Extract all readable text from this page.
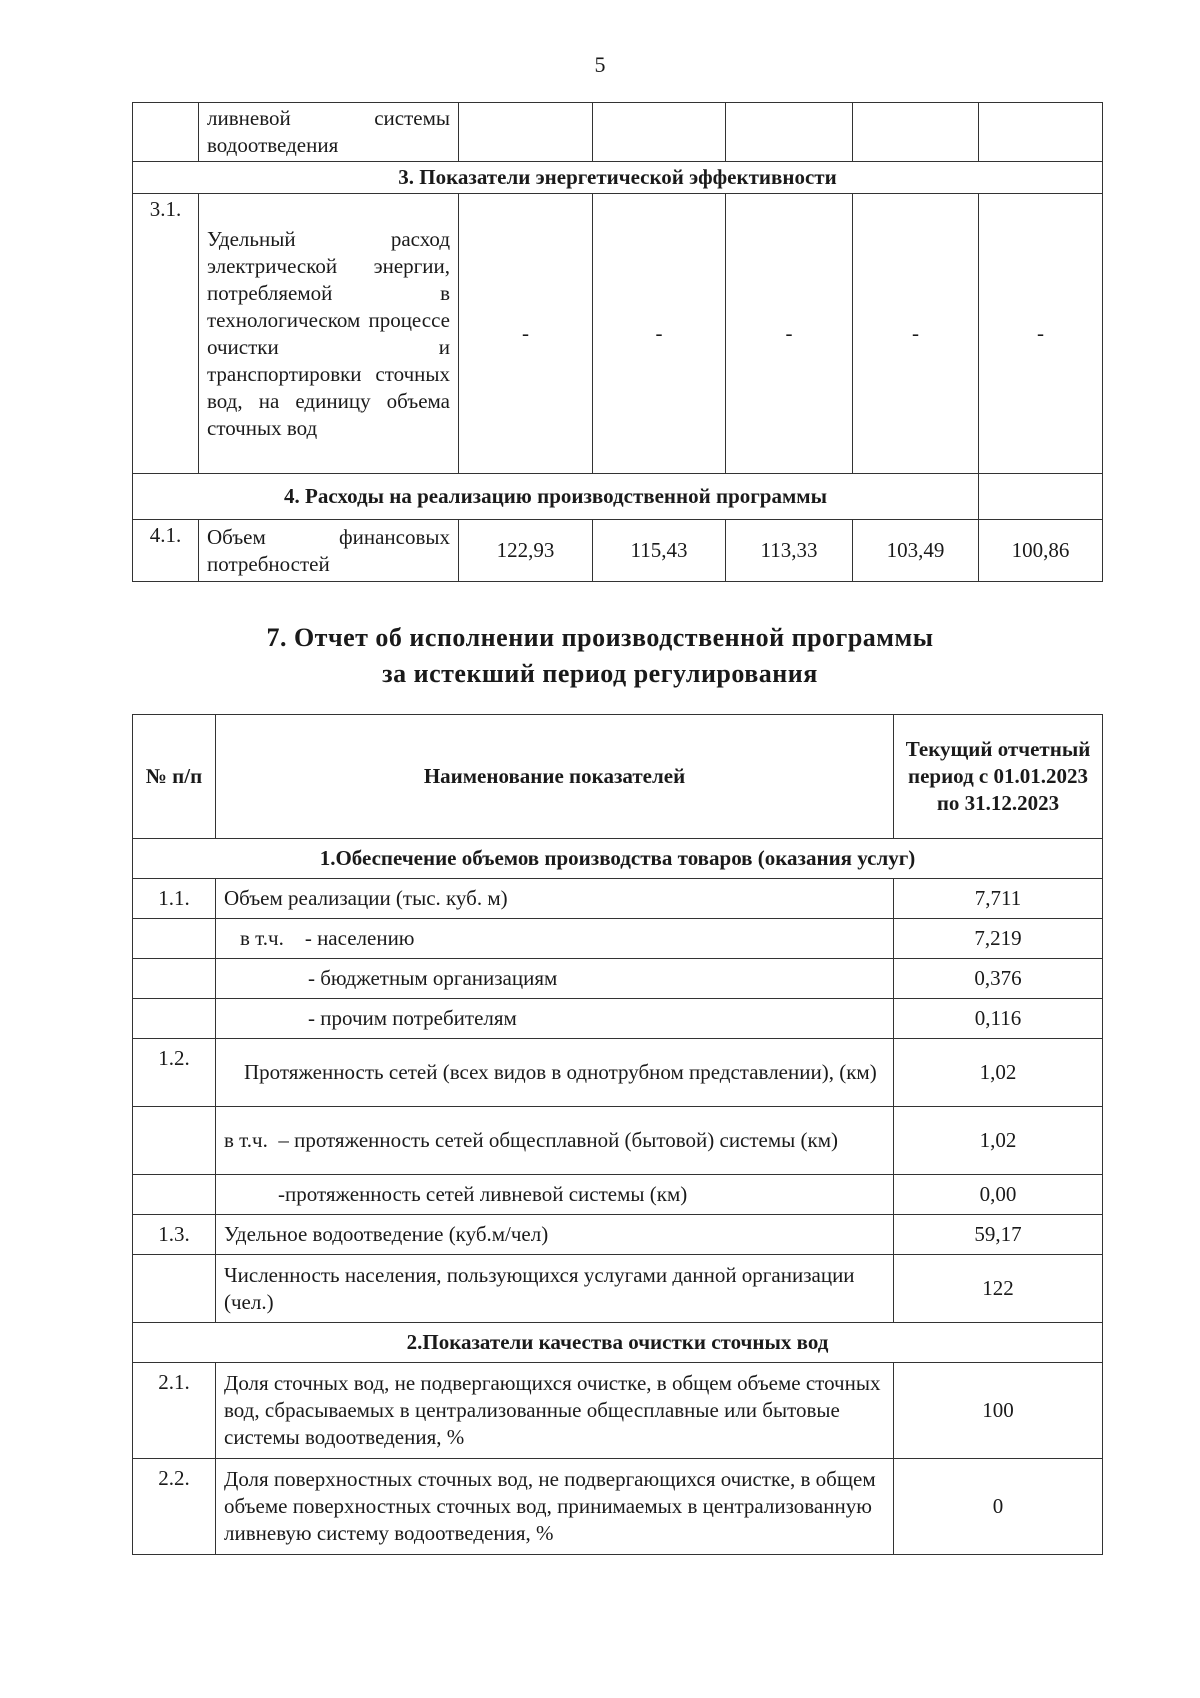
5
	ливневой системы водоотведения					
3. Показатели энергетической эффективности						
3.1.	Удельный расход электрической энергии, потребляемой в технологическом процессе очистки и транспортировки сточных вод, на единицу объема сточных вод	-	-	-	-	-
4. Расходы на реализацию производственной программы						
4.1.	Объем финансовых потребностей	122,93	115,43	113,33	103,49	100,86
7. Отчет об исполнении производственной программы
за истекший период регулирования
№ п/п	Наименование показателей	Текущий отчетный период с 01.01.2023 по 31.12.2023
1.Обеспечение объемов производства товаров (оказания услуг)		
1.1.	Объем реализации (тыс. куб. м)	7,711
	в т.ч.    - населению	7,219
	- бюджетным организациям	0,376
	- прочим потребителям	0,116
1.2.	Протяженность сетей (всех видов в однотрубном представлении), (км)	1,02
	в т.ч.  – протяженность сетей общесплавной (бытовой) системы (км)	1,02
	-протяженность сетей ливневой системы (км)	0,00
1.3.	Удельное водоотведение (куб.м/чел)	59,17
	Численность населения, пользующихся услугами данной организации (чел.)	122
2.Показатели качества очистки сточных вод		
2.1.	Доля сточных вод, не подвергающихся очистке, в общем объеме сточных вод, сбрасываемых в централизованные общесплавные или бытовые системы водоотведения, %	100
2.2.	Доля поверхностных сточных вод, не подвергающихся очистке, в общем объеме поверхностных сточных вод, принимаемых в централизованную ливневую систему водоотведения, %	0
